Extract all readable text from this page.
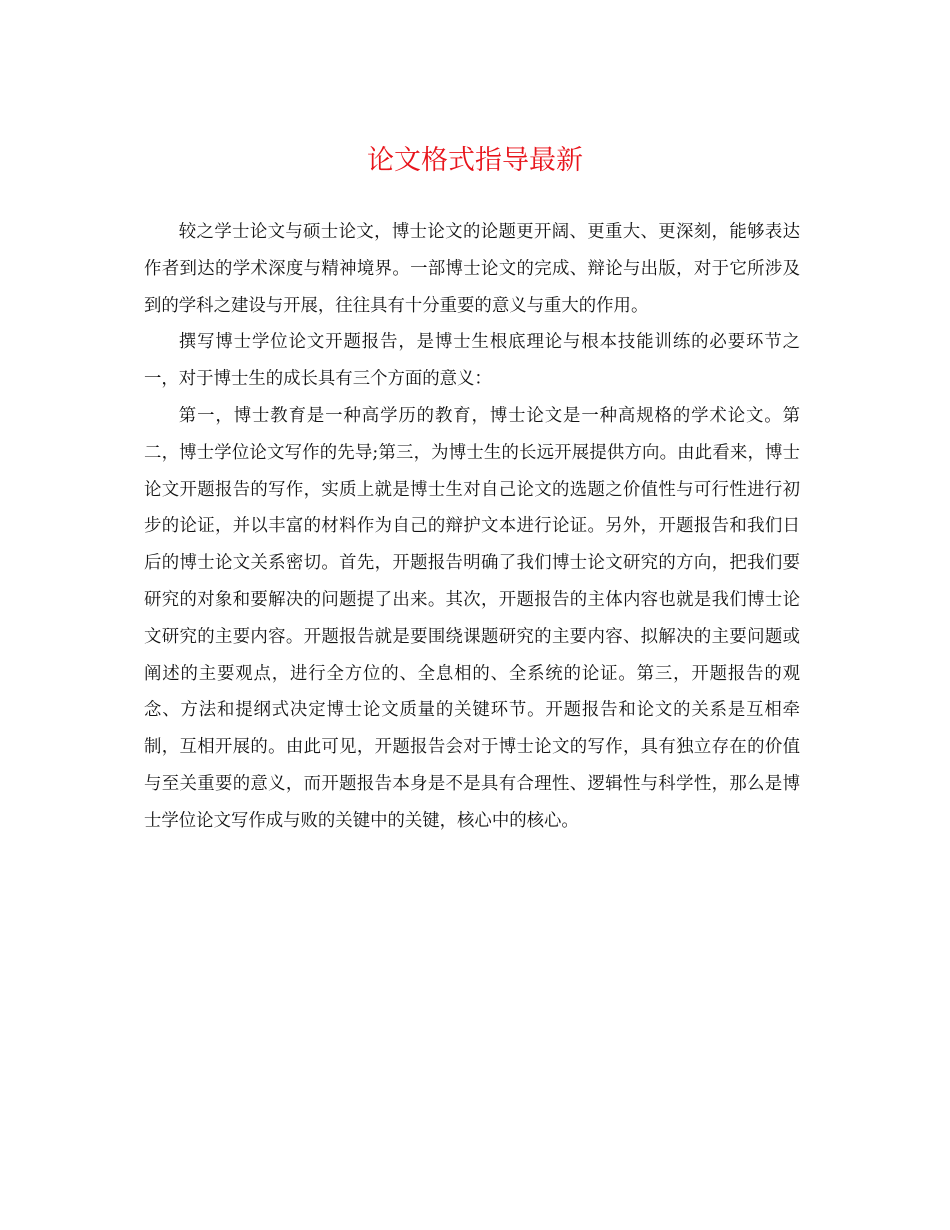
论文格式指导最新

较之学士论文与硕士论文，博士论文的论题更开阔、更重大、更深刻，能够表达作者到达的学术深度与精神境界。一部博士论文的完成、辩论与出版，对于它所涉及到的学科之建设与开展，往往具有十分重要的意义与重大的作用。

撰写博士学位论文开题报告，是博士生根底理论与根本技能训练的必要环节之一，对于博士生的成长具有三个方面的意义：

第一，博士教育是一种高学历的教育，博士论文是一种高规格的学术论文。第二，博士学位论文写作的先导;第三，为博士生的长远开展提供方向。由此看来，博士论文开题报告的写作，实质上就是博士生对自己论文的选题之价值性与可行性进行初步的论证，并以丰富的材料作为自己的辩护文本进行论证。另外，开题报告和我们日后的博士论文关系密切。首先，开题报告明确了我们博士论文研究的方向，把我们要研究的对象和要解决的问题提了出来。其次，开题报告的主体内容也就是我们博士论文研究的主要内容。开题报告就是要围绕课题研究的主要内容、拟解决的主要问题或阐述的主要观点，进行全方位的、全息相的、全系统的论证。第三，开题报告的观念、方法和提纲式决定博士论文质量的关键环节。开题报告和论文的关系是互相牵制，互相开展的。由此可见，开题报告会对于博士论文的写作，具有独立存在的价值与至关重要的意义，而开题报告本身是不是具有合理性、逻辑性与科学性，那么是博士学位论文写作成与败的关键中的关键，核心中的核心。
